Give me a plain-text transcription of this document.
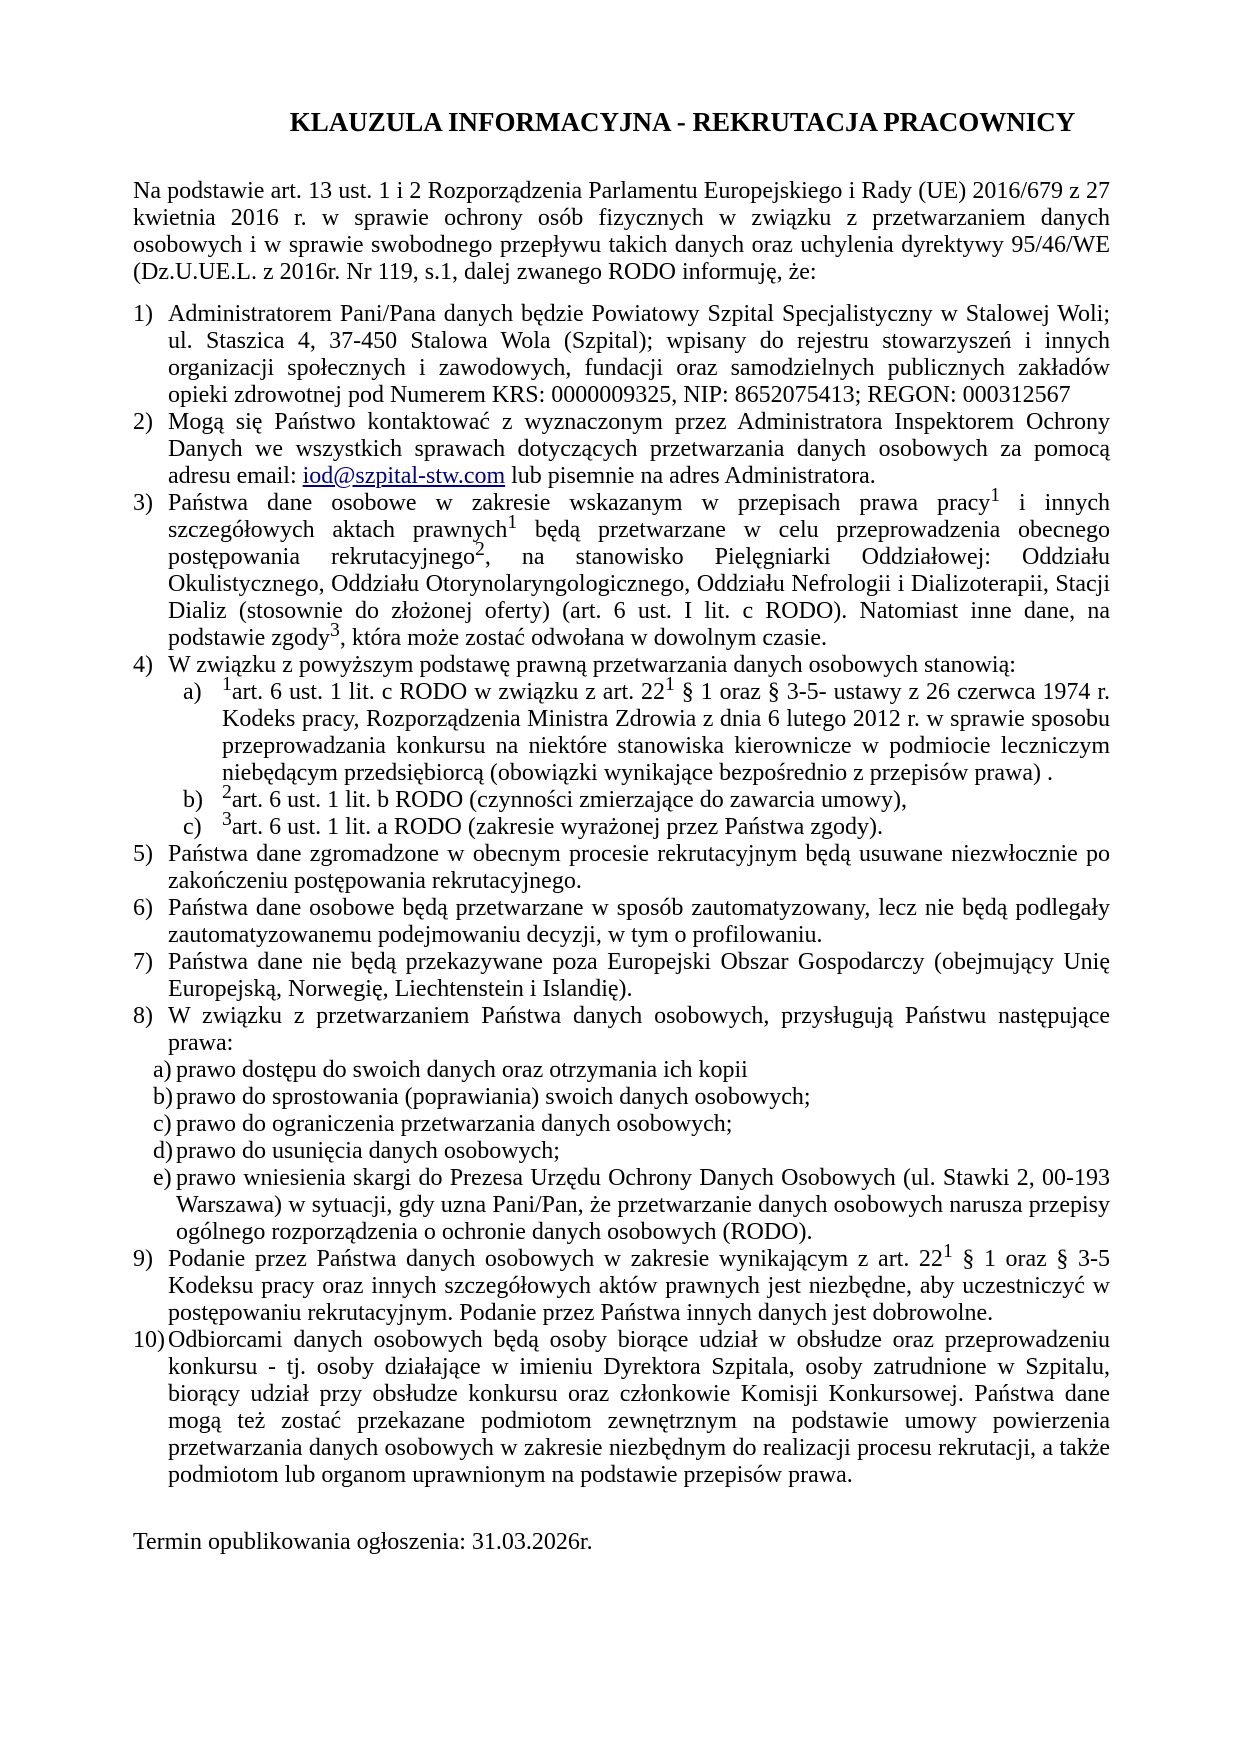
KLAUZULA INFORMACYJNA - REKRUTACJA PRACOWNICY

Na podstawie art. 13 ust. 1 i 2 Rozporządzenia Parlamentu Europejskiego i Rady (UE) 2016/679 z 27 kwietnia 2016 r. w sprawie ochrony osób fizycznych w związku z przetwarzaniem danych osobowych i w sprawie swobodnego przepływu takich danych oraz uchylenia dyrektywy 95/46/WE (Dz.U.UE.L. z 2016r. Nr 119, s.1, dalej zwanego RODO informuję, że:

1) Administratorem Pani/Pana danych będzie Powiatowy Szpital Specjalistyczny w Stalowej Woli; ul. Staszica 4, 37-450 Stalowa Wola (Szpital); wpisany do rejestru stowarzyszeń i innych organizacji społecznych i zawodowych, fundacji oraz samodzielnych publicznych zakładów opieki zdrowotnej pod Numerem KRS: 0000009325, NIP: 8652075413; REGON: 000312567
2) Mogą się Państwo kontaktować z wyznaczonym przez Administratora Inspektorem Ochrony Danych we wszystkich sprawach dotyczących przetwarzania danych osobowych za pomocą adresu email: iod@szpital-stw.com lub pisemnie na adres Administratora.
3) Państwa dane osobowe w zakresie wskazanym w przepisach prawa pracy$^1$ i innych szczegółowych aktach prawnych$^1$ będą przetwarzane w celu przeprowadzenia obecnego postępowania rekrutacyjnego$^2$, na stanowisko Pielęgniarki Oddziałowej: Oddziału Okulistycznego, Oddziału Otorynolaryngologicznego, Oddziału Nefrologii i Dializoterapii, Stacji Dializ (stosownie do złożonej oferty) (art. 6 ust. I lit. c RODO). Natomiast inne dane, na podstawie zgody$^3$, która może zostać odwołana w dowolnym czasie.
4) W związku z powyższym podstawę prawną przetwarzania danych osobowych stanowią:
a)	$^1$art. 6 ust. 1 lit. c RODO w związku z art. 22$^1$ § 1 oraz § 3-5- ustawy z 26 czerwca 1974 r. Kodeks pracy, Rozporządzenia Ministra Zdrowia z dnia 6 lutego 2012 r. w sprawie sposobu przeprowadzania konkursu na niektóre stanowiska kierownicze w podmiocie leczniczym niebędącym przedsiębiorcą (obowiązki wynikające bezpośrednio z przepisów prawa) .
b) $^2$art. 6 ust. 1 lit. b RODO (czynności zmierzające do zawarcia umowy),
c)	$^3$art. 6 ust. 1 lit. a RODO (zakresie wyrażonej przez Państwa zgody).
5) Państwa dane zgromadzone w obecnym procesie rekrutacyjnym będą usuwane niezwłocznie po zakończeniu postępowania rekrutacyjnego.
6) Państwa dane osobowe będą przetwarzane w sposób zautomatyzowany, lecz nie będą podlegały zautomatyzowanemu podejmowaniu decyzji, w tym o profilowaniu.
7) Państwa dane nie będą przekazywane poza Europejski Obszar Gospodarczy (obejmujący Unię Europejską, Norwegię, Liechtenstein i Islandię).
8) W związku z przetwarzaniem Państwa danych osobowych, przysługują Państwu następujące prawa:
a) prawo dostępu do swoich danych oraz otrzymania ich kopii
b) prawo do sprostowania (poprawiania) swoich danych osobowych;
c) prawo do ograniczenia przetwarzania danych osobowych;
d) prawo do usunięcia danych osobowych;
e) prawo wniesienia skargi do Prezesa Urzędu Ochrony Danych Osobowych (ul. Stawki 2, 00-193 Warszawa) w sytuacji, gdy uzna Pani/Pan, że przetwarzanie danych osobowych narusza przepisy ogólnego rozporządzenia o ochronie danych osobowych (RODO).
9) Podanie przez Państwa danych osobowych w zakresie wynikającym z art. 22$^1$ § 1 oraz § 3-5 Kodeksu pracy oraz innych szczegółowych aktów prawnych jest niezbędne, aby uczestniczyć w postępowaniu rekrutacyjnym. Podanie przez Państwa innych danych jest dobrowolne.
10) Odbiorcami danych osobowych będą osoby biorące udział w obsłudze oraz przeprowadzeniu konkursu - tj. osoby działające w imieniu Dyrektora Szpitala, osoby zatrudnione w Szpitalu, biorący udział przy obsłudze konkursu oraz członkowie Komisji Konkursowej. Państwa dane mogą też zostać przekazane podmiotom zewnętrznym na podstawie umowy powierzenia przetwarzania danych osobowych w zakresie niezbędnym do realizacji procesu rekrutacji, a także podmiotom lub organom uprawnionym na podstawie przepisów prawa.
Termin opublikowania ogłoszenia: 31.03.2026r.
